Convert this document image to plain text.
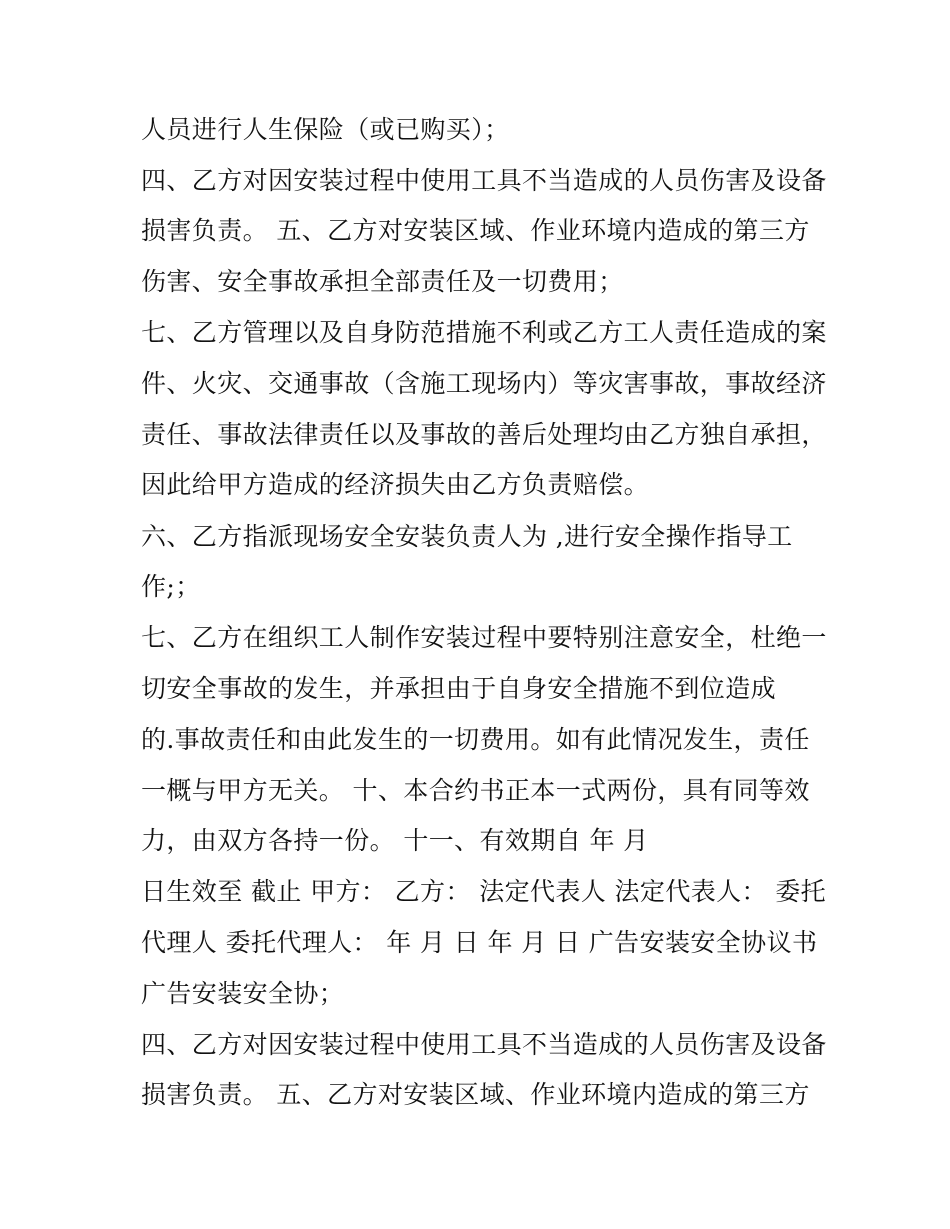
人员进行人生保险（或已购买）；
四、乙方对因安装过程中使用工具不当造成的人员伤害及设备
损害负责。 五、乙方对安装区域、作业环境内造成的第三方
伤害、安全事故承担全部责任及一切费用；
七、乙方管理以及自身防范措施不利或乙方工人责任造成的案
件、火灾、交通事故（含施工现场内）等灾害事故，事故经济
责任、事故法律责任以及事故的善后处理均由乙方独自承担，
因此给甲方造成的经济损失由乙方负责赔偿。
六、乙方指派现场安全安装负责人为 ,进行安全操作指导工
作;；
七、乙方在组织工人制作安装过程中要特别注意安全，杜绝一
切安全事故的发生，并承担由于自身安全措施不到位造成
的.事故责任和由此发生的一切费用。如有此情况发生，责任
一概与甲方无关。 十、本合约书正本一式两份，具有同等效
力，由双方各持一份。 十一、有效期自 年 月
日生效至 截止 甲方： 乙方： 法定代表人 法定代表人： 委托
代理人 委托代理人： 年 月 日 年 月 日 广告安装安全协议书
广告安装安全协；
四、乙方对因安装过程中使用工具不当造成的人员伤害及设备
损害负责。 五、乙方对安装区域、作业环境内造成的第三方
